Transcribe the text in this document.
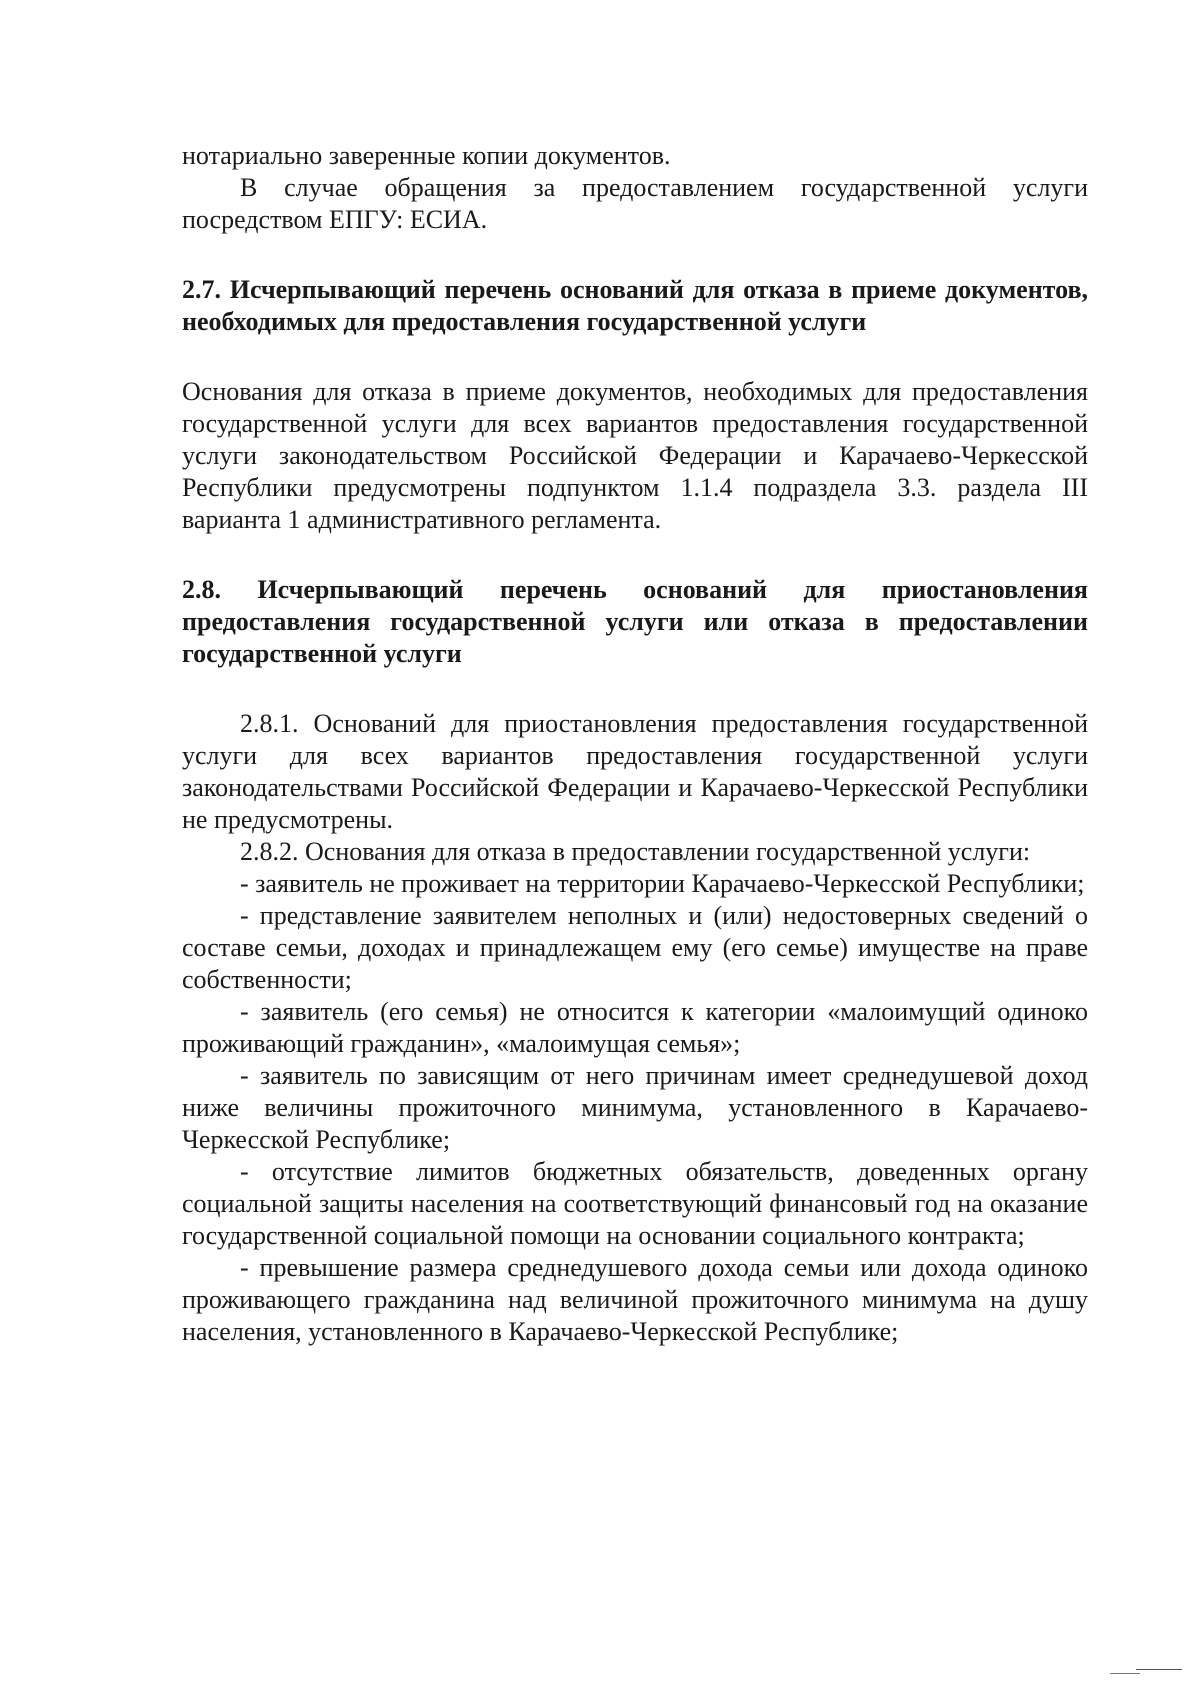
нотариально заверенные копии документов.

В случае обращения за предоставлением государственной услуги посредством ЕПГУ: ЕСИА.

2.7. Исчерпывающий перечень оснований для отказа в приеме документов, необходимых для предоставления государственной услуги

Основания для отказа в приеме документов, необходимых для предоставления государственной услуги для всех вариантов предоставления государственной услуги законодательством Российской Федерации и Карачаево-Черкесской Республики предусмотрены подпунктом 1.1.4 подраздела 3.3. раздела III варианта 1 административного регламента.

2.8. Исчерпывающий перечень оснований для приостановления предоставления государственной услуги или отказа в предоставлении государственной услуги

2.8.1. Оснований для приостановления предоставления государственной услуги для всех вариантов предоставления государственной услуги законодательствами Российской Федерации и Карачаево-Черкесской Республики не предусмотрены.

2.8.2. Основания для отказа в предоставлении государственной услуги:

- заявитель не проживает на территории Карачаево-Черкесской Республики;

- представление заявителем неполных и (или) недостоверных сведений о составе семьи, доходах и принадлежащем ему (его семье) имуществе на праве собственности;

- заявитель (его семья) не относится к категории «малоимущий одиноко проживающий гражданин», «малоимущая семья»;

- заявитель по зависящим от него причинам имеет среднедушевой доход ниже величины прожиточного минимума, установленного в Карачаево-Черкесской Республике;

- отсутствие лимитов бюджетных обязательств, доведенных органу социальной защиты населения на соответствующий финансовый год на оказание государственной социальной помощи на основании социального контракта;

- превышение размера среднедушевого дохода семьи или дохода одиноко проживающего гражданина над величиной прожиточного минимума на душу населения, установленного в Карачаево-Черкесской Республике;
